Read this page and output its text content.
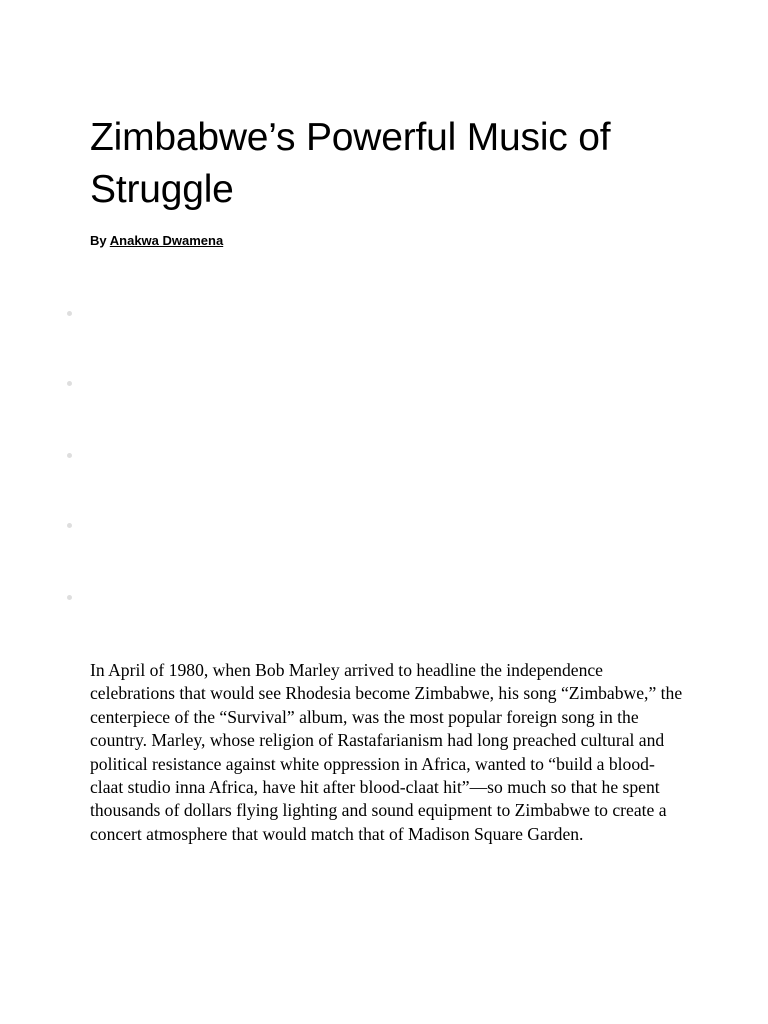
Zimbabwe’s Powerful Music of Struggle

By Anakwa Dwamena

In April of 1980, when Bob Marley arrived to headline the independence celebrations that would see Rhodesia become Zimbabwe, his song “Zimbabwe,” the centerpiece of the “Survival” album, was the most popular foreign song in the country. Marley, whose religion of Rastafarianism had long preached cultural and political resistance against white oppression in Africa, wanted to “build a blood-claat studio inna Africa, have hit after blood-claat hit”—so much so that he spent thousands of dollars flying lighting and sound equipment to Zimbabwe to create a concert atmosphere that would match that of Madison Square Garden.
